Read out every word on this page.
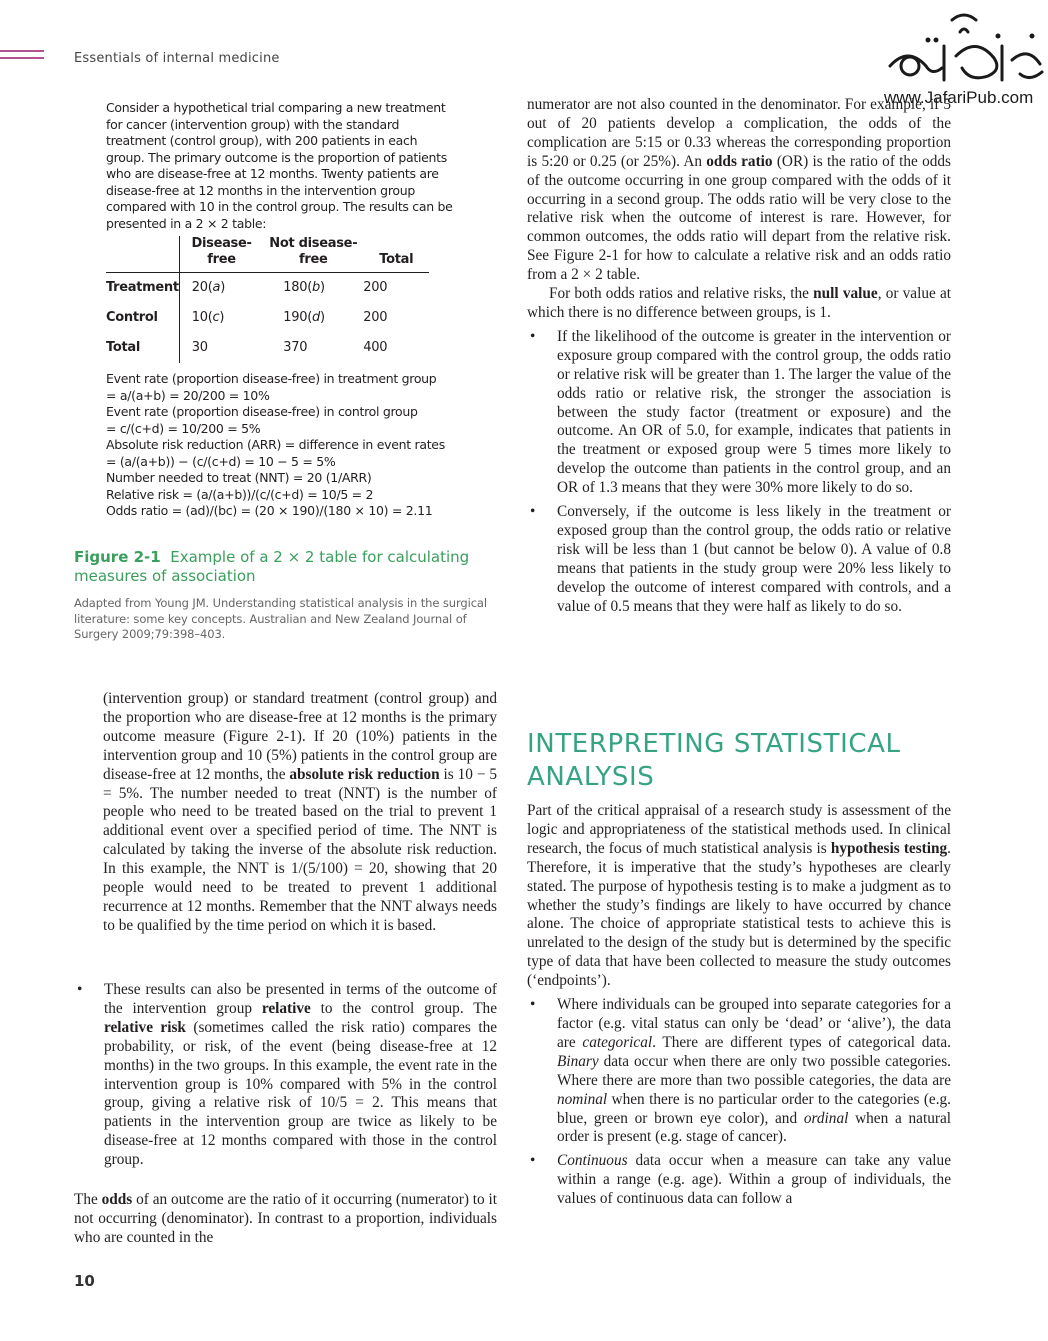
Essentials of internal medicine
www.JafariPub.com

Consider a hypothetical trial comparing a new treatment for cancer (intervention group) with the standard treatment (control group), with 200 patients in each group. The primary outcome is the proportion of patients who are disease-free at 12 months. Twenty patients are disease-free at 12 months in the intervention group compared with 10 in the control group. The results can be presented in a 2 × 2 table:

	Disease-free	Not disease-free	Total
Treatment	20(a)	180(b)	200
Control	10(c)	190(d)	200
Total	30	370	400
Event rate (proportion disease-free) in treatment group
= a/(a+b) = 20/200 = 10%
Event rate (proportion disease-free) in control group
= c/(c+d) = 10/200 = 5%
Absolute risk reduction (ARR) = difference in event rates
= (a/(a+b)) − (c/(c+d) = 10 − 5 = 5%
Number needed to treat (NNT) = 20 (1/ARR)
Relative risk = (a/(a+b))/(c/(c+d) = 10/5 = 2
Odds ratio = (ad)/(bc) = (20 × 190)/(180 × 10) = 2.11
Figure 2-1 Example of a 2 × 2 table for calculating measures of association
Adapted from Young JM. Understanding statistical analysis in the surgical literature: some key concepts. Australian and New Zealand Journal of Surgery 2009;79:398–403.

(intervention group) or standard treatment (control group) and the proportion who are disease-free at 12 months is the primary outcome measure (Figure 2-1). If 20 (10%) patients in the intervention group and 10 (5%) patients in the control group are disease-free at 12 months, the absolute risk reduction is 10 − 5 = 5%. The number needed to treat (NNT) is the number of people who need to be treated based on the trial to prevent 1 additional event over a specified period of time. The NNT is calculated by taking the inverse of the absolute risk reduction. In this example, the NNT is 1/(5/100) = 20, showing that 20 people would need to be treated to prevent 1 additional recurrence at 12 months. Remember that the NNT always needs to be qualified by the time period on which it is based.

• These results can also be presented in terms of the outcome of the intervention group relative to the control group. The relative risk (sometimes called the risk ratio) compares the probability, or risk, of the event (being disease-free at 12 months) in the two groups. In this example, the event rate in the intervention group is 10% compared with 5% in the control group, giving a relative risk of 10/5 = 2. This means that patients in the intervention group are twice as likely to be disease-free at 12 months compared with those in the control group.

The odds of an outcome are the ratio of it occurring (numerator) to it not occurring (denominator). In contrast to a proportion, individuals who are counted in the

numerator are not also counted in the denominator. For example, if 5 out of 20 patients develop a complication, the odds of the complication are 5:15 or 0.33 whereas the corresponding proportion is 5:20 or 0.25 (or 25%). An odds ratio (OR) is the ratio of the odds of the outcome occurring in one group compared with the odds of it occurring in a second group. The odds ratio will be very close to the relative risk when the outcome of interest is rare. However, for common outcomes, the odds ratio will depart from the relative risk. See Figure 2-1 for how to calculate a relative risk and an odds ratio from a 2 × 2 table.

For both odds ratios and relative risks, the null value, or value at which there is no difference between groups, is 1.

• If the likelihood of the outcome is greater in the intervention or exposure group compared with the control group, the odds ratio or relative risk will be greater than 1. The larger the value of the odds ratio or relative risk, the stronger the association is between the study factor (treatment or exposure) and the outcome. An OR of 5.0, for example, indicates that patients in the treatment or exposed group were 5 times more likely to develop the outcome than patients in the control group, and an OR of 1.3 means that they were 30% more likely to do so.
• Conversely, if the outcome is less likely in the treatment or exposed group than the control group, the odds ratio or relative risk will be less than 1 (but cannot be below 0). A value of 0.8 means that patients in the study group were 20% less likely to develop the outcome of interest compared with controls, and a value of 0.5 means that they were half as likely to do so.
INTERPRETING STATISTICAL ANALYSIS

Part of the critical appraisal of a research study is assessment of the logic and appropriateness of the statistical methods used. In clinical research, the focus of much statistical analysis is hypothesis testing. Therefore, it is imperative that the study’s hypotheses are clearly stated. The purpose of hypothesis testing is to make a judgment as to whether the study’s findings are likely to have occurred by chance alone. The choice of appropriate statistical tests to achieve this is unrelated to the design of the study but is determined by the specific type of data that have been collected to measure the study outcomes (‘endpoints’).

• Where individuals can be grouped into separate categories for a factor (e.g. vital status can only be ‘dead’ or ‘alive’), the data are categorical. There are different types of categorical data. Binary data occur when there are only two possible categories. Where there are more than two possible categories, the data are nominal when there is no particular order to the categories (e.g. blue, green or brown eye color), and ordinal when a natural order is present (e.g. stage of cancer).
• Continuous data occur when a measure can take any value within a range (e.g. age). Within a group of individuals, the values of continuous data can follow a
10
